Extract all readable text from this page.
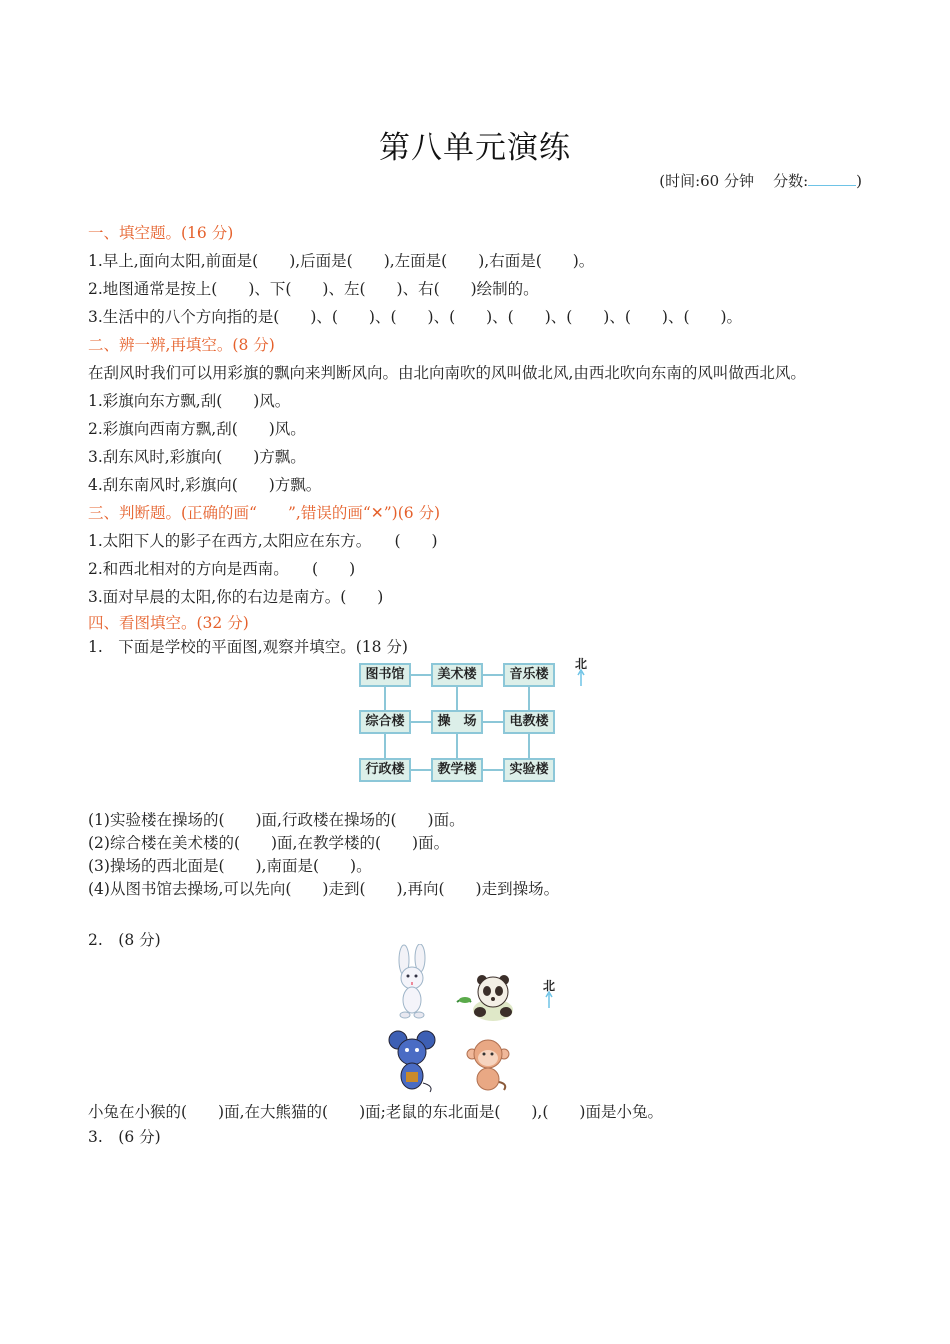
第八单元演练
(时间:60 分钟 分数:	)
一、填空题。(16 分)
1.早上,面向太阳,前面是(　　),后面是(　　),左面是(　　),右面是(　　)。
2.地图通常是按上(　　)、下(　　)、左(　　)、右(　　)绘制的。
3.生活中的八个方向指的是(　　)、(　　)、(　　)、(　　)、(　　)、(　　)、(　　)、(　　)。
二、辨一辨,再填空。(8 分)
在刮风时我们可以用彩旗的飘向来判断风向。由北向南吹的风叫做北风,由西北吹向东南的风叫做西北风。
1.彩旗向东方飘,刮(　　)风。
2.彩旗向西南方飘,刮(　　)风。
3.刮东风时,彩旗向(　　)方飘。
4.刮东南风时,彩旗向(　　)方飘。
三、判断题。(正确的画“　　”,错误的画“✕”)(6 分)
1.太阳下人的影子在西方,太阳应在东方。　　(　　)
2.和西北相对的方向是西南。　　(　　)
3.面对早晨的太阳,你的右边是南方。(　　)
四、看图填空。(32 分)
1.　下面是学校的平面图,观察并填空。(18 分)
图书馆	美术楼	音乐楼
综合楼	操　场	电教楼
行政楼	教学楼	实验楼
北
(1)实验楼在操场的(　　)面,行政楼在操场的(　　)面。
(2)综合楼在美术楼的(　　)面,在教学楼的(　　)面。
(3)操场的西北面是(　　),南面是(　　)。
(4)从图书馆去操场,可以先向(　　)走到(　　),再向(　　)走到操场。
2.　(8 分)
北
小兔在小猴的(　　)面,在大熊猫的(　　)面;老鼠的东北面是(　　),(　　)面是小兔。
3.　(6 分)
